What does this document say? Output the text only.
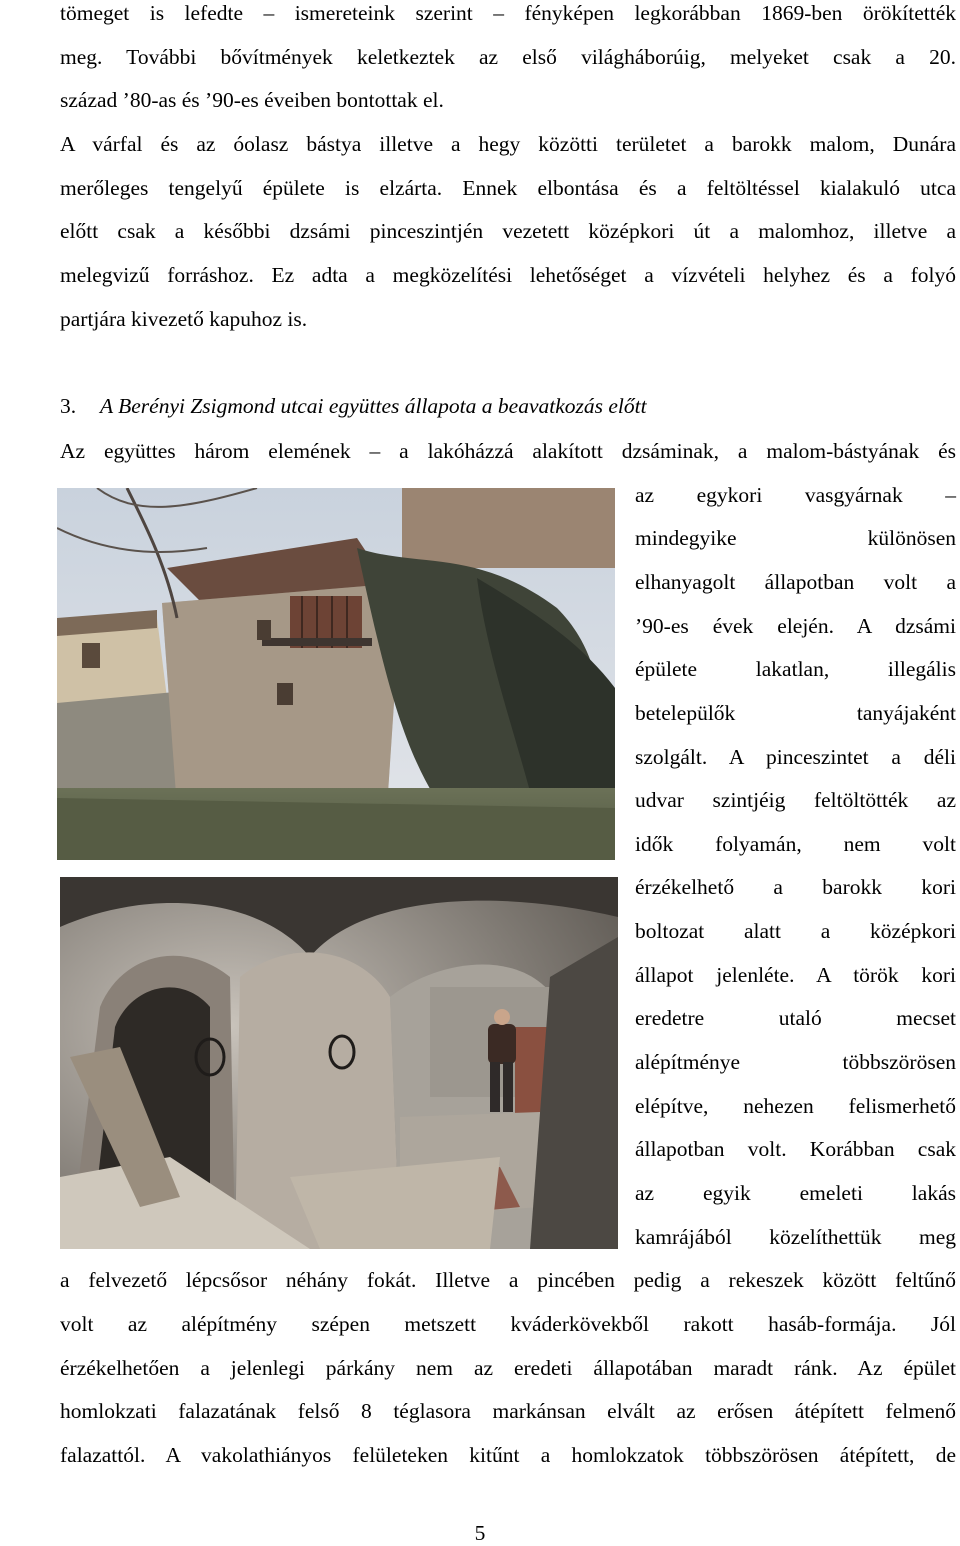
tömeget is lefedte – ismereteink szerint – fényképen legkorábban 1869-ben örökítették
meg. További bővítmények keletkeztek az első világháborúig, melyeket csak a 20.
század ’80-as és ’90-es éveiben bontottak el.
A várfal és az óolasz bástya illetve a hegy közötti területet a barokk malom, Dunára
merőleges tengelyű épülete is elzárta. Ennek elbontása és a feltöltéssel kialakuló utca
előtt csak a későbbi dzsámi pinceszintjén vezetett középkori út a malomhoz, illetve a
melegvizű forráshoz. Ez adta a megközelítési lehetőséget a vízvételi helyhez és a folyó
partjára kivezető kapuhoz is.
3. A Berényi Zsigmond utcai együttes állapota a beavatkozás előtt
Az együttes három elemének – a lakóházzá alakított dzsáminak, a malom-bástyának és
az egykori vasgyárnak –
mindegyike különösen
elhanyagolt állapotban volt a
’90-es évek elején. A dzsámi
épülete lakatlan, illegális
betelepülők tanyájaként
szolgált. A pinceszintet a déli
udvar szintjéig feltöltötték az
idők folyamán, nem volt
érzékelhető a barokk kori
boltozat alatt a középkori
állapot jelenléte. A török kori
eredetre utaló mecset
alépítménye többszörösen
elépítve, nehezen felismerhető
állapotban volt. Korábban csak
az egyik emeleti lakás
kamrájából közelíthettük meg
a felvezető lépcsősor néhány fokát. Illetve a pincében pedig a rekeszek között feltűnő
volt az alépítmény szépen metszett kváderkövekből rakott hasáb-formája. Jól
érzékelhetően a jelenlegi párkány nem az eredeti állapotában maradt ránk. Az épület
homlokzati falazatának felső 8 téglasora markánsan elvált az erősen átépített felmenő
falazattól. A vakolathiányos felületeken kitűnt a homlokzatok többszörösen átépített, de
5
